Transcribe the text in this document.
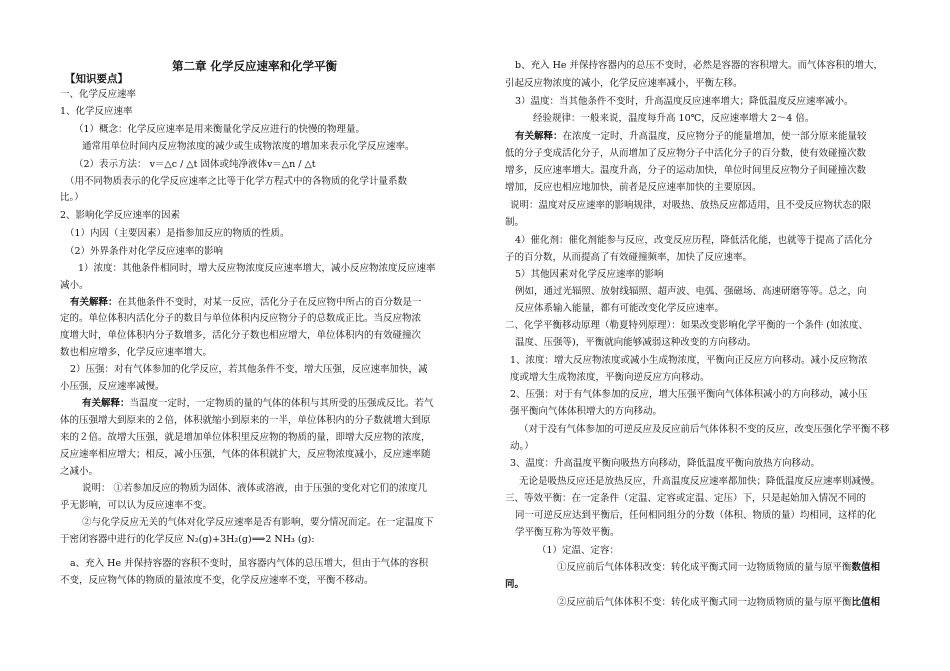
第二章 化学反应速率和化学平衡
【知识要点】
一、化学反应速率
1、化学反应速率
（1）概念：化学反应速率是用来衡量化学反应进行的快慢的物理量。
通常用单位时间内反应物浓度的减少或生成物浓度的增加来表示化学反应速率。
（2）表示方法： v＝△c / △t 固体或纯净液体v＝△n / △t
（用不同物质表示的化学反应速率之比等于化学方程式中的各物质的化学计量系数
比。）
2、影响化学反应速率的因素
（1）内因（主要因素）是指参加反应的物质的性质。
（2）外界条件对化学反应速率的影响
1）浓度：其他条件相同时，增大反应物浓度反应速率增大，减小反应物浓度反应速率
减小。
有关解释：在其他条件不变时，对某一反应，活化分子在反应物中所占的百分数是一
定的。单位体积内活化分子的数目与单位体积内反应物分子的总数成正比。当反应物浓
度增大时，单位体积内分子数增多，活化分子数也相应增大，单位体积内的有效碰撞次
数也相应增多，化学反应速率增大。
2）压强：对有气体参加的化学反应，若其他条件不变，增大压强，反应速率加快，减
小压强，反应速率减慢。
有关解释：当温度一定时，一定物质的量的气体的体积与其所受的压强成反比。若气
体的压强增大到原来的２倍，体积就缩小到原来的一半，单位体积内的分子数就增大到原
来的２倍。故增大压强，就是增加单位体积里反应物的物质的量，即增大反应物的浓度，
反应速率相应增大；相反，减小压强，气体的体积就扩大，反应物浓度减小，反应速率随
之减小。
说明： ①若参加反应的物质为固体、液体或溶液，由于压强的变化对它们的浓度几
乎无影响，可以认为反应速率不变。
②与化学反应无关的气体对化学反应速率是否有影响，要分情况而定。在一定温度下
于密闭容器中进行的化学反应 N₂(g)+3H₂(g)⟹2 NH₃ (g):
a、充入 He 并保持容器的容积不变时，虽容器内气体的总压增大，但由于气体的容积
不变，反应物气体的物质的量浓度不变，化学反应速率不变，平衡不移动。
b、充入 He 并保持容器内的总压不变时，必然是容器的容积增大。而气体容积的增大，
引起反应物浓度的减小，化学反应速率减小，平衡左移。
3）温度：当其他条件不变时，升高温度反应速率增大；降低温度反应速率减小。
经验规律：一般来说，温度每升高 10℃，反应速率增大 2～4 倍。
有关解释：在浓度一定时，升高温度，反应物分子的能量增加，使一部分原来能量较
低的分子变成活化分子，从而增加了反应物分子中活化分子的百分数，使有效碰撞次数
增多，反应速率增大。温度升高，分子的运动加快，单位时间里反应物分子间碰撞次数
增加，反应也相应地加快，前者是反应速率加快的主要原因。
说明：温度对反应速率的影响规律，对吸热、放热反应都适用，且不受反应物状态的限
制。
4）催化剂：催化剂能参与反应，改变反应历程，降低活化能，也就等于提高了活化分
子的百分数，从而提高了有效碰撞频率，加快了反应速率。
5）其他因素对化学反应速率的影响
例如，通过光辐照、放射线辐照、超声波、电弧、强磁场、高速研磨等等。总之，向
反应体系输入能量，都有可能改变化学反应速率。
二、化学平衡移动原理（勒夏特列原理）：如果改变影响化学平衡的一个条件 (如浓度、
温度、压强等)，平衡就向能够减弱这种改变的方向移动。
1、浓度：增大反应物浓度或减小生成物浓度，平衡向正反应方向移动。减小反应物浓
度或增大生成物浓度，平衡向逆反应方向移动。
2、压强：对于有气体参加的反应，增大压强平衡向气体体积减小的方向移动，减小压
强平衡向气体体积增大的方向移动。
（对于没有气体参加的可逆反应及反应前后气体体积不变的反应，改变压强化学平衡不移
动。）
3、温度：升高温度平衡向吸热方向移动，降低温度平衡向放热方向移动。
无论是吸热反应还是放热反应，升高温度反应速率都加快；降低温度反应速率则减慢。
三、等效平衡：在一定条件（定温、定容或定温、定压）下，只是起始加入情况不同的
同一可逆反应达到平衡后，任何相同组分的分数（体积、物质的量）均相同，这样的化
学平衡互称为等效平衡。
（1）定温、定容：
①反应前后气体体积改变：转化成平衡式同一边物质物质的量与原平衡数值相
同。
②反应前后气体体积不变：转化成平衡式同一边物质物质的量与原平衡比值相
